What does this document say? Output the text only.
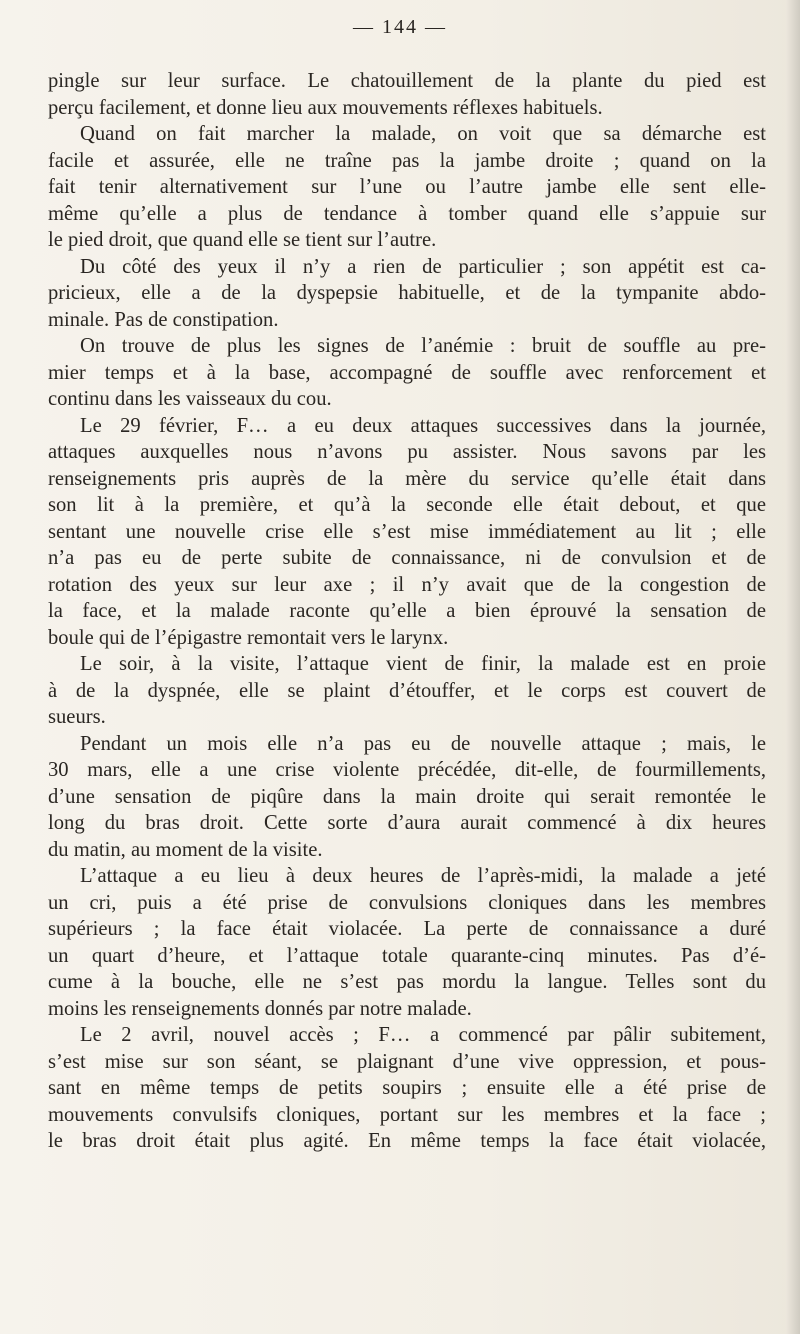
— 144 —
pingle sur leur surface. Le chatouillement de la plante du pied est
perçu facilement, et donne lieu aux mouvements réflexes habituels.
Quand on fait marcher la malade, on voit que sa démarche est
facile et assurée, elle ne traîne pas la jambe droite ; quand on la
fait tenir alternativement sur l’une ou l’autre jambe elle sent elle-
même qu’elle a plus de tendance à tomber quand elle s’appuie sur
le pied droit, que quand elle se tient sur l’autre.
Du côté des yeux il n’y a rien de particulier ; son appétit est ca-
pricieux, elle a de la dyspepsie habituelle, et de la tympanite abdo-
minale. Pas de constipation.
On trouve de plus les signes de l’anémie : bruit de souffle au pre-
mier temps et à la base, accompagné de souffle avec renforcement et
continu dans les vaisseaux du cou.
Le 29 février, F… a eu deux attaques successives dans la journée,
attaques auxquelles nous n’avons pu assister. Nous savons par les
renseignements pris auprès de la mère du service qu’elle était dans
son lit à la première, et qu’à la seconde elle était debout, et que
sentant une nouvelle crise elle s’est mise immédiatement au lit ; elle
n’a pas eu de perte subite de connaissance, ni de convulsion et de
rotation des yeux sur leur axe ; il n’y avait que de la congestion de
la face, et la malade raconte qu’elle a bien éprouvé la sensation de
boule qui de l’épigastre remontait vers le larynx.
Le soir, à la visite, l’attaque vient de finir, la malade est en proie
à de la dyspnée, elle se plaint d’étouffer, et le corps est couvert de
sueurs.
Pendant un mois elle n’a pas eu de nouvelle attaque ; mais, le
30 mars, elle a une crise violente précédée, dit-elle, de fourmillements,
d’une sensation de piqûre dans la main droite qui serait remontée le
long du bras droit. Cette sorte d’aura aurait commencé à dix heures
du matin, au moment de la visite.
L’attaque a eu lieu à deux heures de l’après-midi, la malade a jeté
un cri, puis a été prise de convulsions cloniques dans les membres
supérieurs ; la face était violacée. La perte de connaissance a duré
un quart d’heure, et l’attaque totale quarante-cinq minutes. Pas d’é-
cume à la bouche, elle ne s’est pas mordu la langue. Telles sont du
moins les renseignements donnés par notre malade.
Le 2 avril, nouvel accès ; F… a commencé par pâlir subitement,
s’est mise sur son séant, se plaignant d’une vive oppression, et pous-
sant en même temps de petits soupirs ; ensuite elle a été prise de
mouvements convulsifs cloniques, portant sur les membres et la face ;
le bras droit était plus agité. En même temps la face était violacée,
